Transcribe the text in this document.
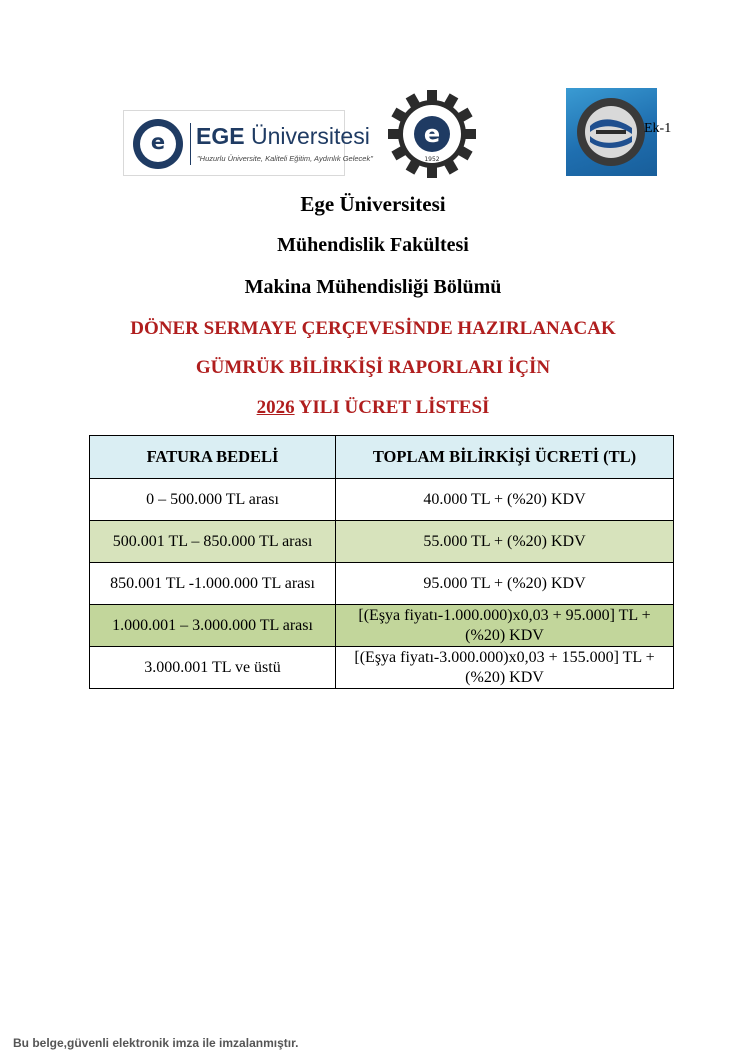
e	EGE Üniversitesi
"Huzurlu Üniversite, Kaliteli Eğitim, Aydınlık Gelecek"
e
1952
Ek-1
Ege Üniversitesi
Mühendislik Fakültesi
Makina Mühendisliği Bölümü
DÖNER SERMAYE ÇERÇEVESİNDE HAZIRLANACAK
GÜMRÜK BİLİRKİŞİ RAPORLARI İÇİN
2026 YILI ÜCRET LİSTESİ
FATURA BEDELİ	TOPLAM BİLİRKİŞİ ÜCRETİ (TL)
0 – 500.000 TL arası	40.000 TL + (%20) KDV
500.001 TL – 850.000 TL arası	55.000 TL + (%20) KDV
850.001 TL -1.000.000 TL arası	95.000 TL + (%20) KDV
1.000.001 – 3.000.000 TL arası	[(Eşya fiyatı-1.000.000)x0,03 + 95.000] TL + (%20) KDV
3.000.001 TL ve üstü	[(Eşya fiyatı-3.000.000)x0,03 + 155.000] TL + (%20) KDV
Bu belge,güvenli elektronik imza ile imzalanmıştır.
